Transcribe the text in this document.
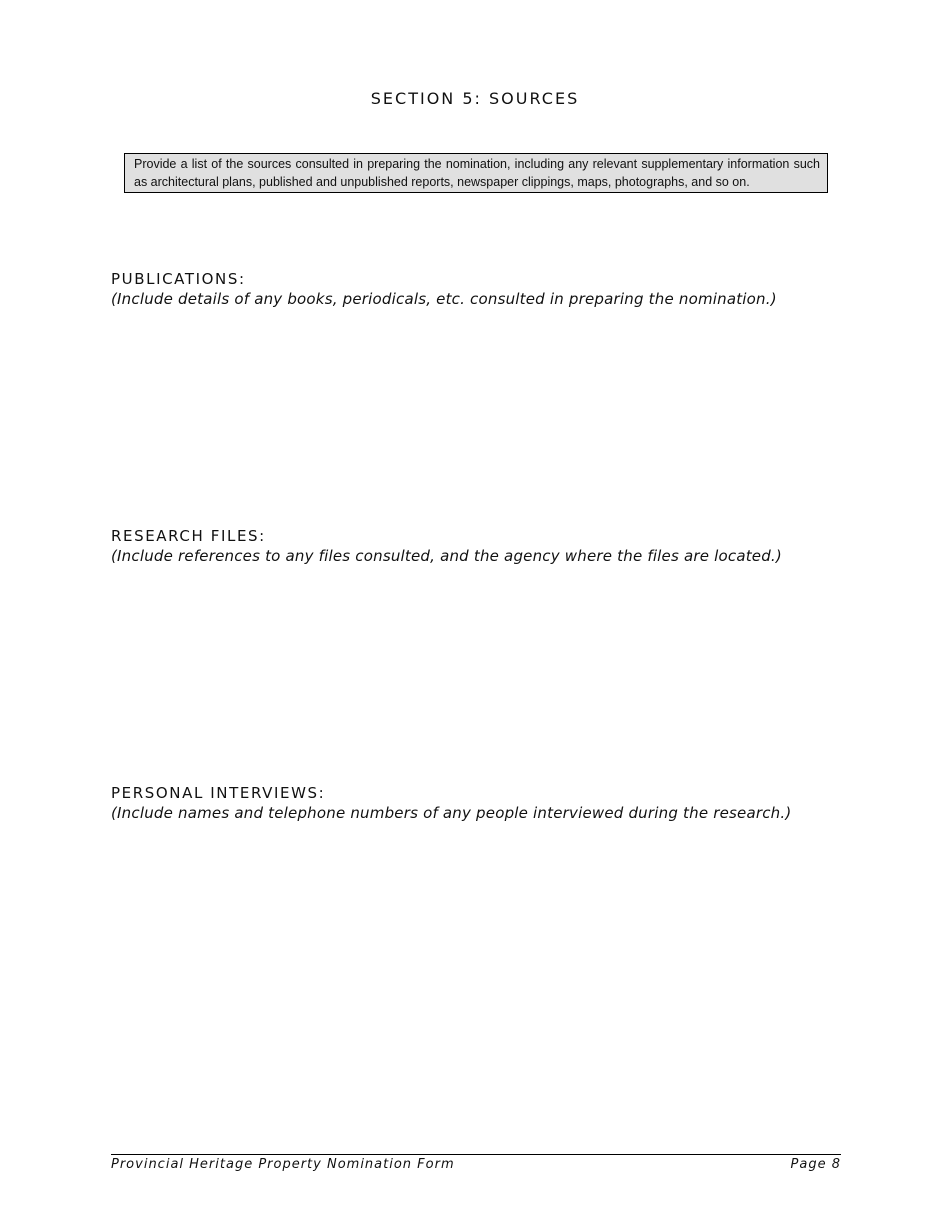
SECTION 5: SOURCES
Provide a list of the sources consulted in preparing the nomination, including any relevant supplementary information such as architectural plans, published and unpublished reports, newspaper clippings, maps, photographs, and so on.
PUBLICATIONS:
(Include details of any books, periodicals, etc. consulted in preparing the nomination.)
RESEARCH FILES:
(Include references to any files consulted, and the agency where the files are located.)
PERSONAL INTERVIEWS:
(Include names and telephone numbers of any people interviewed during the research.)
Provincial Heritage Property Nomination Form	Page 8
